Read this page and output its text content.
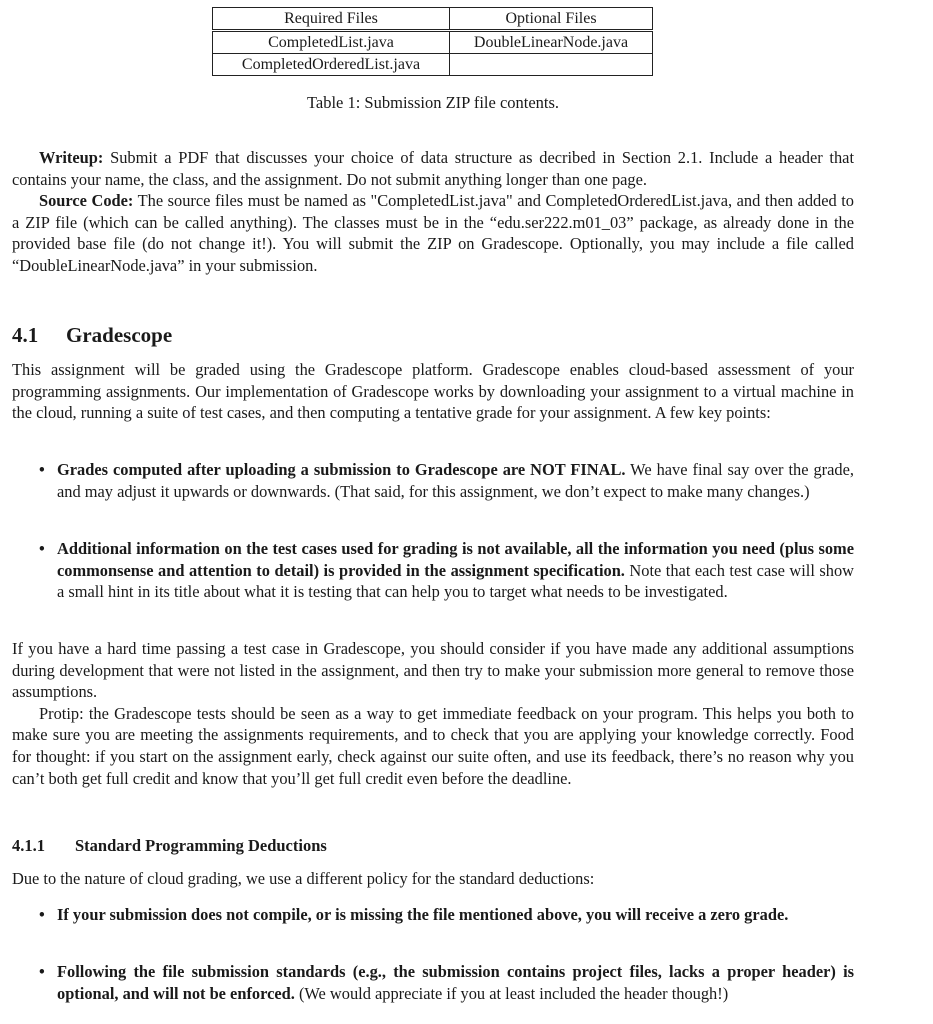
Required Files	Optional Files
CompletedList.java	DoubleLinearNode.java
CompletedOrderedList.java	
Table 1: Submission ZIP file contents.

Writeup: Submit a PDF that discusses your choice of data structure as decribed in Section 2.1. Include a header that contains your name, the class, and the assignment. Do not submit anything longer than one page.

Source Code: The source files must be named as "CompletedList.java" and CompletedOrderedList.java, and then added to a ZIP file (which can be called anything). The classes must be in the “edu.ser222.m01_03” package, as already done in the provided base file (do not change it!). You will submit the ZIP on Gradescope. Optionally, you may include a file called “DoubleLinearNode.java” in your submission.

4.1 Gradescope

This assignment will be graded using the Gradescope platform. Gradescope enables cloud-based assessment of your programming assignments. Our implementation of Gradescope works by downloading your assignment to a virtual machine in the cloud, running a suite of test cases, and then computing a tentative grade for your assignment. A few key points:

• Grades computed after uploading a submission to Gradescope are NOT FINAL. We have final say over the grade, and may adjust it upwards or downwards. (That said, for this assignment, we don’t expect to make many changes.)
• Additional information on the test cases used for grading is not available, all the information you need (plus some commonsense and attention to detail) is provided in the assignment specification. Note that each test case will show a small hint in its title about what it is testing that can help you to target what needs to be investigated.

If you have a hard time passing a test case in Gradescope, you should consider if you have made any additional assumptions during development that were not listed in the assignment, and then try to make your submission more general to remove those assumptions.

Protip: the Gradescope tests should be seen as a way to get immediate feedback on your program. This helps you both to make sure you are meeting the assignments requirements, and to check that you are applying your knowledge correctly. Food for thought: if you start on the assignment early, check against our suite often, and use its feedback, there’s no reason why you can’t both get full credit and know that you’ll get full credit even before the deadline.

4.1.1 Standard Programming Deductions

Due to the nature of cloud grading, we use a different policy for the standard deductions:

• If your submission does not compile, or is missing the file mentioned above, you will receive a zero grade.
• Following the file submission standards (e.g., the submission contains project files, lacks a proper header) is optional, and will not be enforced. (We would appreciate if you at least included the header though!)
